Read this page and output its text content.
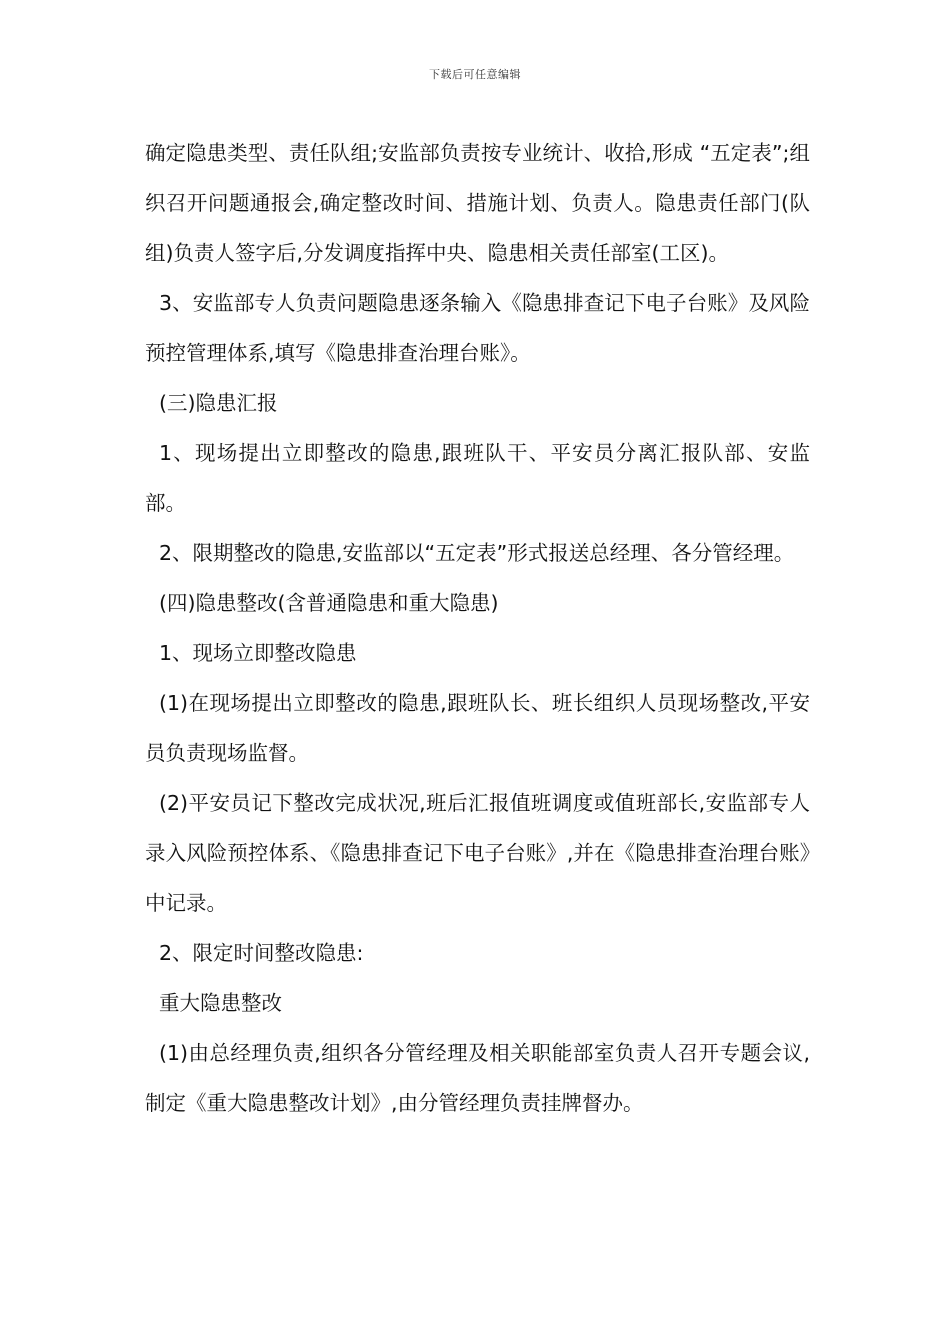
下载后可任意编辑

确定隐患类型、责任队组;安监部负责按专业统计、收拾,形成 “五定表”;组织召开问题通报会,确定整改时间、措施计划、负责人。隐患责任部门(队组)负责人签字后,分发调度指挥中央、隐患相关责任部室(工区)。

3、安监部专人负责问题隐患逐条输入《隐患排查记下电子台账》及风险预控管理体系,填写《隐患排查治理台账》。

(三)隐患汇报

1、现场提出立即整改的隐患,跟班队干、平安员分离汇报队部、安监部。

2、限期整改的隐患,安监部以“五定表”形式报送总经理、各分管经理。

(四)隐患整改(含普通隐患和重大隐患)

1、现场立即整改隐患

(1)在现场提出立即整改的隐患,跟班队长、班长组织人员现场整改,平安员负责现场监督。

(2)平安员记下整改完成状况,班后汇报值班调度或值班部长,安监部专人录入风险预控体系、《隐患排查记下电子台账》,并在《隐患排查治理台账》中记录。

2、限定时间整改隐患:

重大隐患整改

(1)由总经理负责,组织各分管经理及相关职能部室负责人召开专题会议,制定《重大隐患整改计划》,由分管经理负责挂牌督办。
